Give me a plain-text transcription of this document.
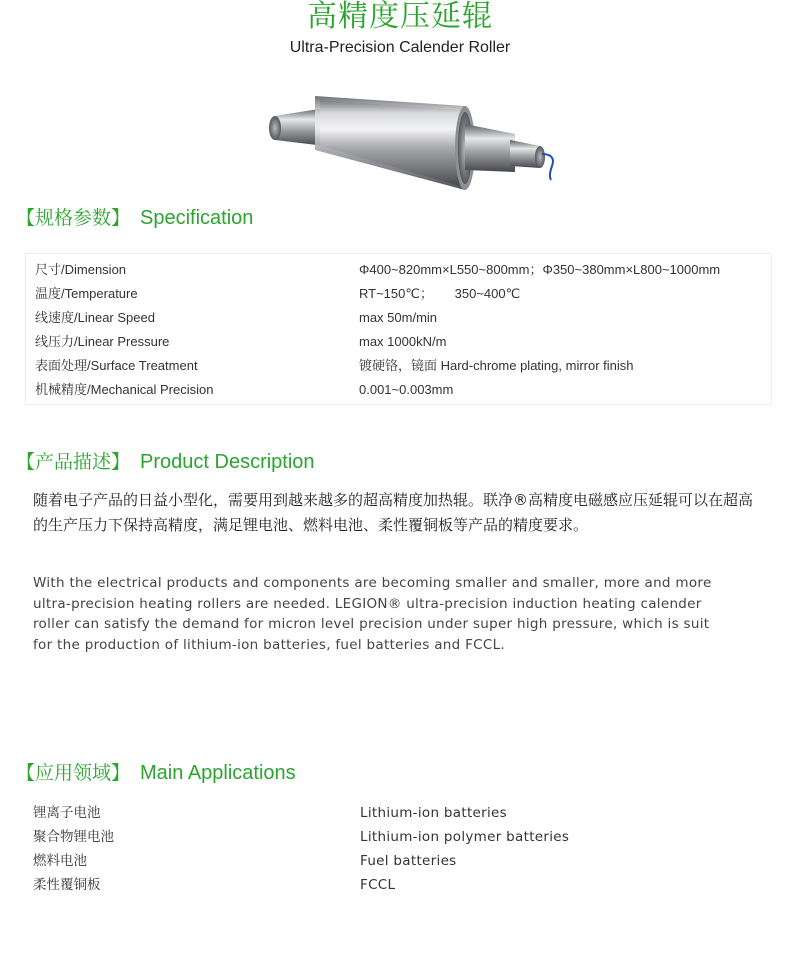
高精度压延辊
Ultra-Precision Calender Roller
【规格参数】 Specification
尺寸/Dimension	Φ400~820mm×L550~800mm；Φ350~380mm×L800~1000mm
温度/Temperature	RT~150℃；      350~400℃
线速度/Linear Speed	max 50m/min
线压力/Linear Pressure	max 1000kN/m
表面处理/Surface Treatment	镀硬铬，镜面 Hard-chrome plating, mirror finish
机械精度/Mechanical Precision	0.001~0.003mm
【产品描述】 Product Description
随着电子产品的日益小型化，需要用到越来越多的超高精度加热辊。联净®高精度电磁感应压延辊可以在超高的生产压力下保持高精度，满足锂电池、燃料电池、柔性覆铜板等产品的精度要求。
With the electrical products and components are becoming smaller and smaller, more and more ultra-precision heating rollers are needed. LEGION® ultra-precision induction heating calender roller can satisfy the demand for micron level precision under super high pressure, which is suit for the production of lithium-ion batteries, fuel batteries and FCCL.
【应用领域】 Main Applications
锂离子电池	Lithium-ion batteries
聚合物锂电池	Lithium-ion polymer batteries
燃料电池	Fuel batteries
柔性覆铜板	FCCL
